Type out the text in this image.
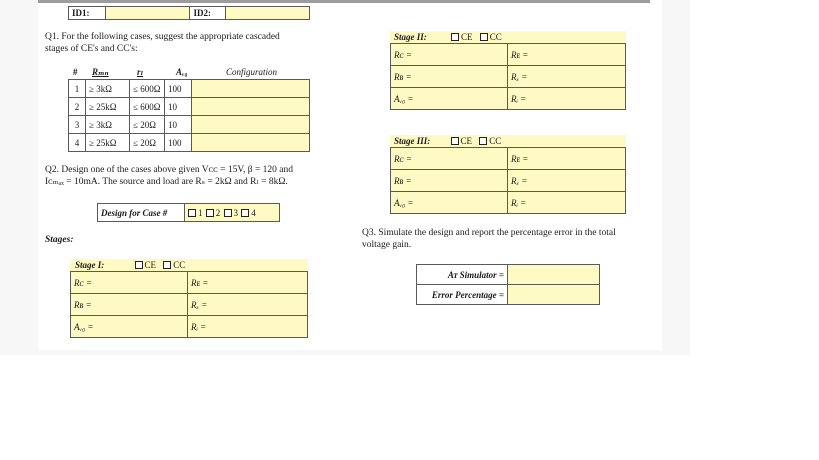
ID1:		ID2:	
Q1. For the following cases, suggest the appropriate cascaded
stages of CE's and CC's:
# Rₘₙ	rₗ	Aᵥ₀	Configuration
1	≥ 3kΩ	≤ 600Ω	100	
2	≥ 25kΩ	≤ 600Ω	10	
3	≥ 3kΩ	≤ 20Ω	10	
4	≥ 25kΩ	≤ 20Ω	100	
Q2. Design one of the cases above given Vᴄᴄ = 15V, β = 120 and
Iᴄₘₐₓ = 10mA. The source and load are Rₛ = 2kΩ and Rₗ = 8kΩ.
Design for Case #	1 2 3 4
Stages:
Stage I:	CE CC
Rᴄ =	Rᴇ =
Rʙ =	Rₓ =
Aᵥ₀ =	Rᵢ =
Stage II:	CE CC
Rᴄ =	Rᴇ =
Rʙ =	Rₓ =
Aᵥ₀ =	Rᵢ =
Stage III:	CE CC
Rᴄ =	Rᴇ =
Rʙ =	Rₓ =
Aᵥ₀ =	Rᵢ =
Q3. Simulate the design and report the percentage error in the total
voltage gain.
Aᴛ Simulator =	
Error Percentage =	
